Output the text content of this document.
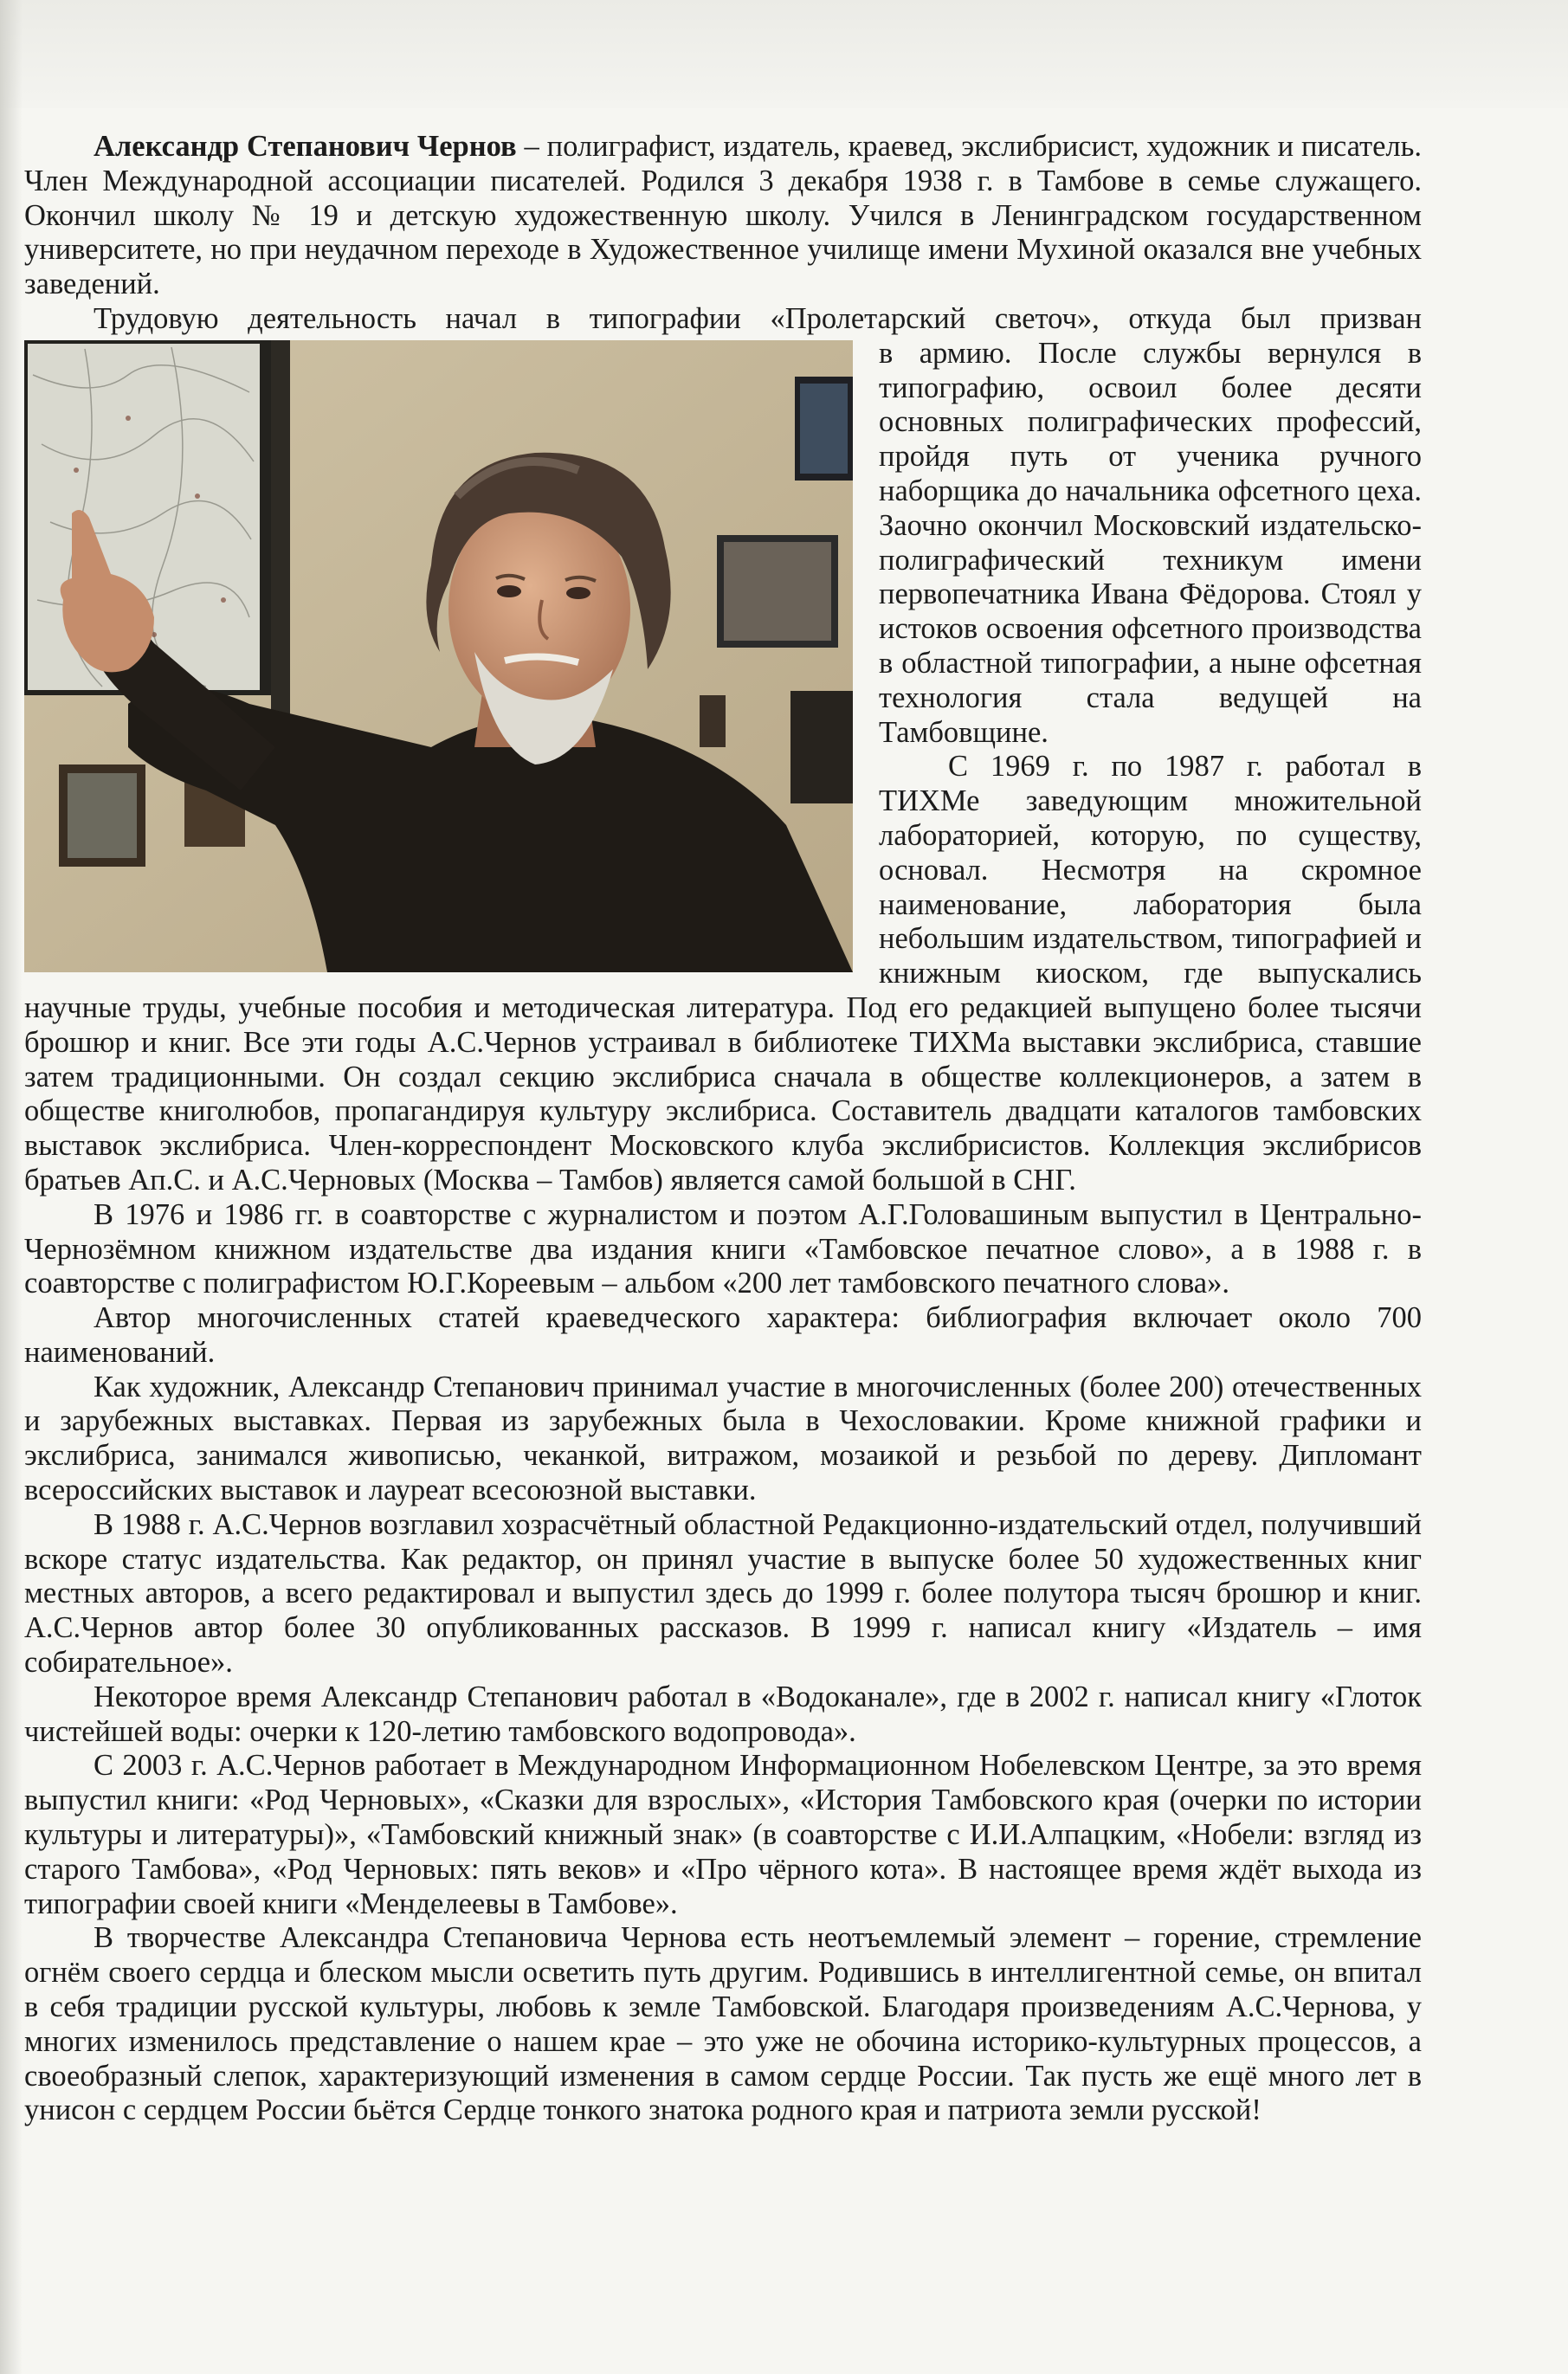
Александр Степанович Чернов – полиграфист, издатель, краевед, экслибрисист, художник и писатель. Член Международной ассоциации писателей. Родился 3 декабря 1938 г. в Тамбове в семье служащего. Окончил школу № 19 и детскую художественную школу. Учился в Ленинградском государственном университете, но при неудачном переходе в Художественное училище имени Мухиной оказался вне учебных заведений.

Трудовую деятельность начал в типографии «Пролетарский светоч», откуда был призван

в армию. После службы вернулся в типографию, освоил более десяти основных полиграфических профессий, пройдя путь от ученика ручного наборщика до начальника офсетного цеха. Заочно окончил Московский издательско-полиграфический техникум имени первопечатника Ивана Фёдорова. Стоял у истоков освоения офсетного производства в областной типографии, а ныне офсетная технология стала ведущей на Тамбовщине.

С 1969 г. по 1987 г. работал в ТИХМе заведующим множительной лабораторией, которую, по существу, основал. Несмотря на скромное наименование, лаборатория была небольшим издательством, типографией и книжным киоском, где выпускались научные труды, учебные пособия и методическая литература. Под его редакцией выпущено более тысячи брошюр и книг. Все эти годы А.С.Чернов устраивал в библиотеке ТИХМа выставки экслибриса, ставшие затем традиционными. Он создал секцию экслибриса сначала в обществе коллекционеров, а затем в обществе книголюбов, пропагандируя культуру экслибриса. Составитель двадцати каталогов тамбовских выставок экслибриса. Член-корреспондент Московского клуба экслибрисистов. Коллекция экслибрисов братьев Ап.С. и А.С.Черновых (Москва – Тамбов) является самой большой в СНГ.

В 1976 и 1986 гг. в соавторстве с журналистом и поэтом А.Г.Головашиным выпустил в Центрально-Чернозёмном книжном издательстве два издания книги «Тамбовское печатное слово», а в 1988 г. в соавторстве с полиграфистом Ю.Г.Кореевым – альбом «200 лет тамбовского печатного слова».

Автор многочисленных статей краеведческого характера: библиография включает около 700 наименований.

Как художник, Александр Степанович принимал участие в многочисленных (более 200) отечественных и зарубежных выставках. Первая из зарубежных была в Чехословакии. Кроме книжной графики и экслибриса, занимался живописью, чеканкой, витражом, мозаикой и резьбой по дереву. Дипломант всероссийских выставок и лауреат всесоюзной выставки.

В 1988 г. А.С.Чернов возглавил хозрасчётный областной Редакционно-издательский отдел, получивший вскоре статус издательства. Как редактор, он принял участие в выпуске более 50 художественных книг местных авторов, а всего редактировал и выпустил здесь до 1999 г. более полутора тысяч брошюр и книг. А.С.Чернов автор более 30 опубликованных рассказов. В 1999 г. написал книгу «Издатель – имя собирательное».

Некоторое время Александр Степанович работал в «Водоканале», где в 2002 г. написал книгу «Глоток чистейшей воды: очерки к 120-летию тамбовского водопровода».

С 2003 г. А.С.Чернов работает в Международном Информационном Нобелевском Центре, за это время выпустил книги: «Род Черновых», «Сказки для взрослых», «История Тамбовского края (очерки по истории культуры и литературы)», «Тамбовский книжный знак» (в соавторстве с И.И.Алпацким, «Нобели: взгляд из старого Тамбова», «Род Черновых: пять веков» и «Про чёрного кота». В настоящее время ждёт выхода из типографии своей книги «Менделеевы в Тамбове».

В творчестве Александра Степановича Чернова есть неотъемлемый элемент – горение, стремление огнём своего сердца и блеском мысли осветить путь другим. Родившись в интеллигентной семье, он впитал в себя традиции русской культуры, любовь к земле Тамбовской. Благодаря произведениям А.С.Чернова, у многих изменилось представление о нашем крае – это уже не обочина историко-культурных процессов, а своеобразный слепок, характеризующий изменения в самом сердце России. Так пусть же ещё много лет в унисон с сердцем России бьётся Сердце тонкого знатока родного края и патриота земли русской!
